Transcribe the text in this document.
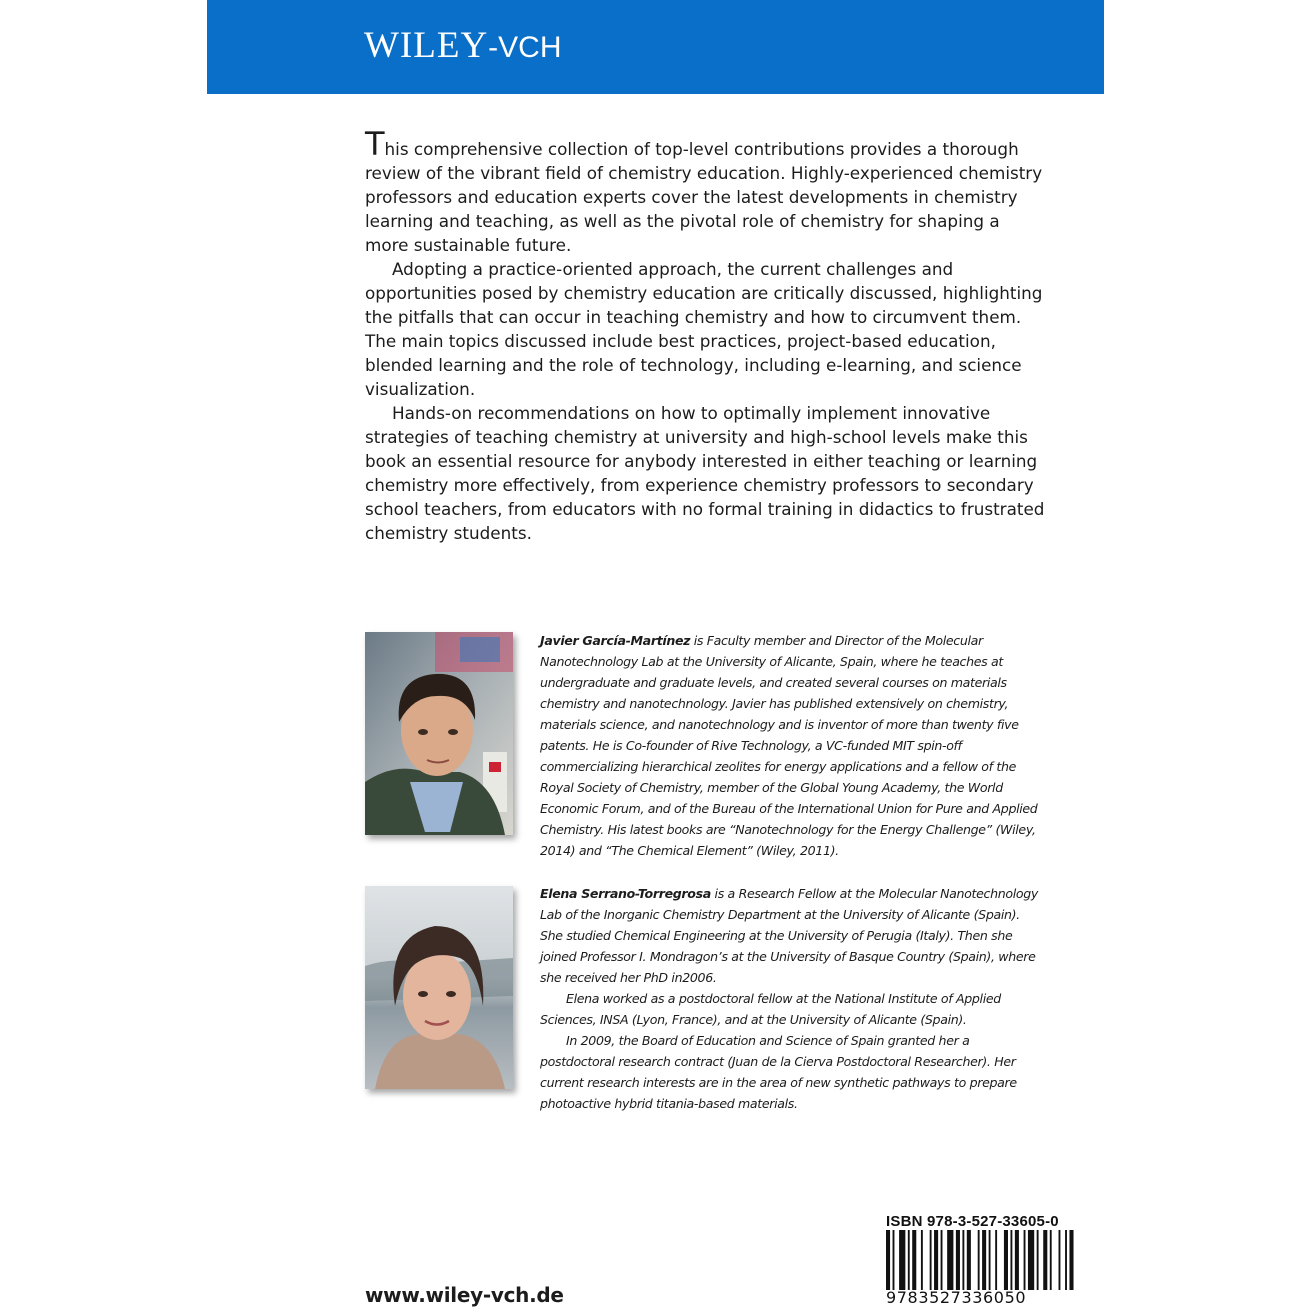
WILEY-VCH

This comprehensive collection of top-level contributions provides a thorough review of the vibrant field of chemistry education. Highly-experienced chemistry professors and education experts cover the latest developments in chemistry learning and teaching, as well as the pivotal role of chemistry for shaping a more sustainable future.

Adopting a practice-oriented approach, the current challenges and opportunities posed by chemistry education are critically discussed, highlighting the pitfalls that can occur in teaching chemistry and how to circumvent them. The main topics discussed include best practices, project-based education, blended learning and the role of technology, including e-learning, and science visualization.

Hands-on recommendations on how to optimally implement innovative strategies of teaching chemistry at university and high-school levels make this book an essential resource for anybody interested in either teaching or learning chemistry more effectively, from experience chemistry professors to secondary school teachers, from educators with no formal training in didactics to frustrated chemistry students.

Javier García-Martínez is Faculty member and Director of the Molecular Nanotechnology Lab at the University of Alicante, Spain, where he teaches at undergraduate and graduate levels, and created several courses on materials chemistry and nanotechnology. Javier has published extensively on chemistry, materials science, and nanotechnology and is inventor of more than twenty five patents. He is Co-founder of Rive Technology, a VC-funded MIT spin-off commercializing hierarchical zeolites for energy applications and a fellow of the Royal Society of Chemistry, member of the Global Young Academy, the World Economic Forum, and of the Bureau of the International Union for Pure and Applied Chemistry. His latest books are “Nanotechnology for the Energy Challenge” (Wiley, 2014) and “The Chemical Element” (Wiley, 2011).

Elena Serrano-Torregrosa is a Research Fellow at the Molecular Nanotechnology Lab of the Inorganic Chemistry Department at the University of Alicante (Spain). She studied Chemical Engineering at the University of Perugia (Italy). Then she joined Professor I. Mondragon’s at the University of Basque Country (Spain), where she received her PhD in2006.

Elena worked as a postdoctoral fellow at the National Institute of Applied Sciences, INSA (Lyon, France), and at the University of Alicante (Spain).

In 2009, the Board of Education and Science of Spain granted her a postdoctoral research contract (Juan de la Cierva Postdoctoral Researcher). Her current research interests are in the area of new synthetic pathways to prepare photoactive hybrid titania-based materials.

www.wiley-vch.de
ISBN 978-3-527-33605-0
9783527336050
